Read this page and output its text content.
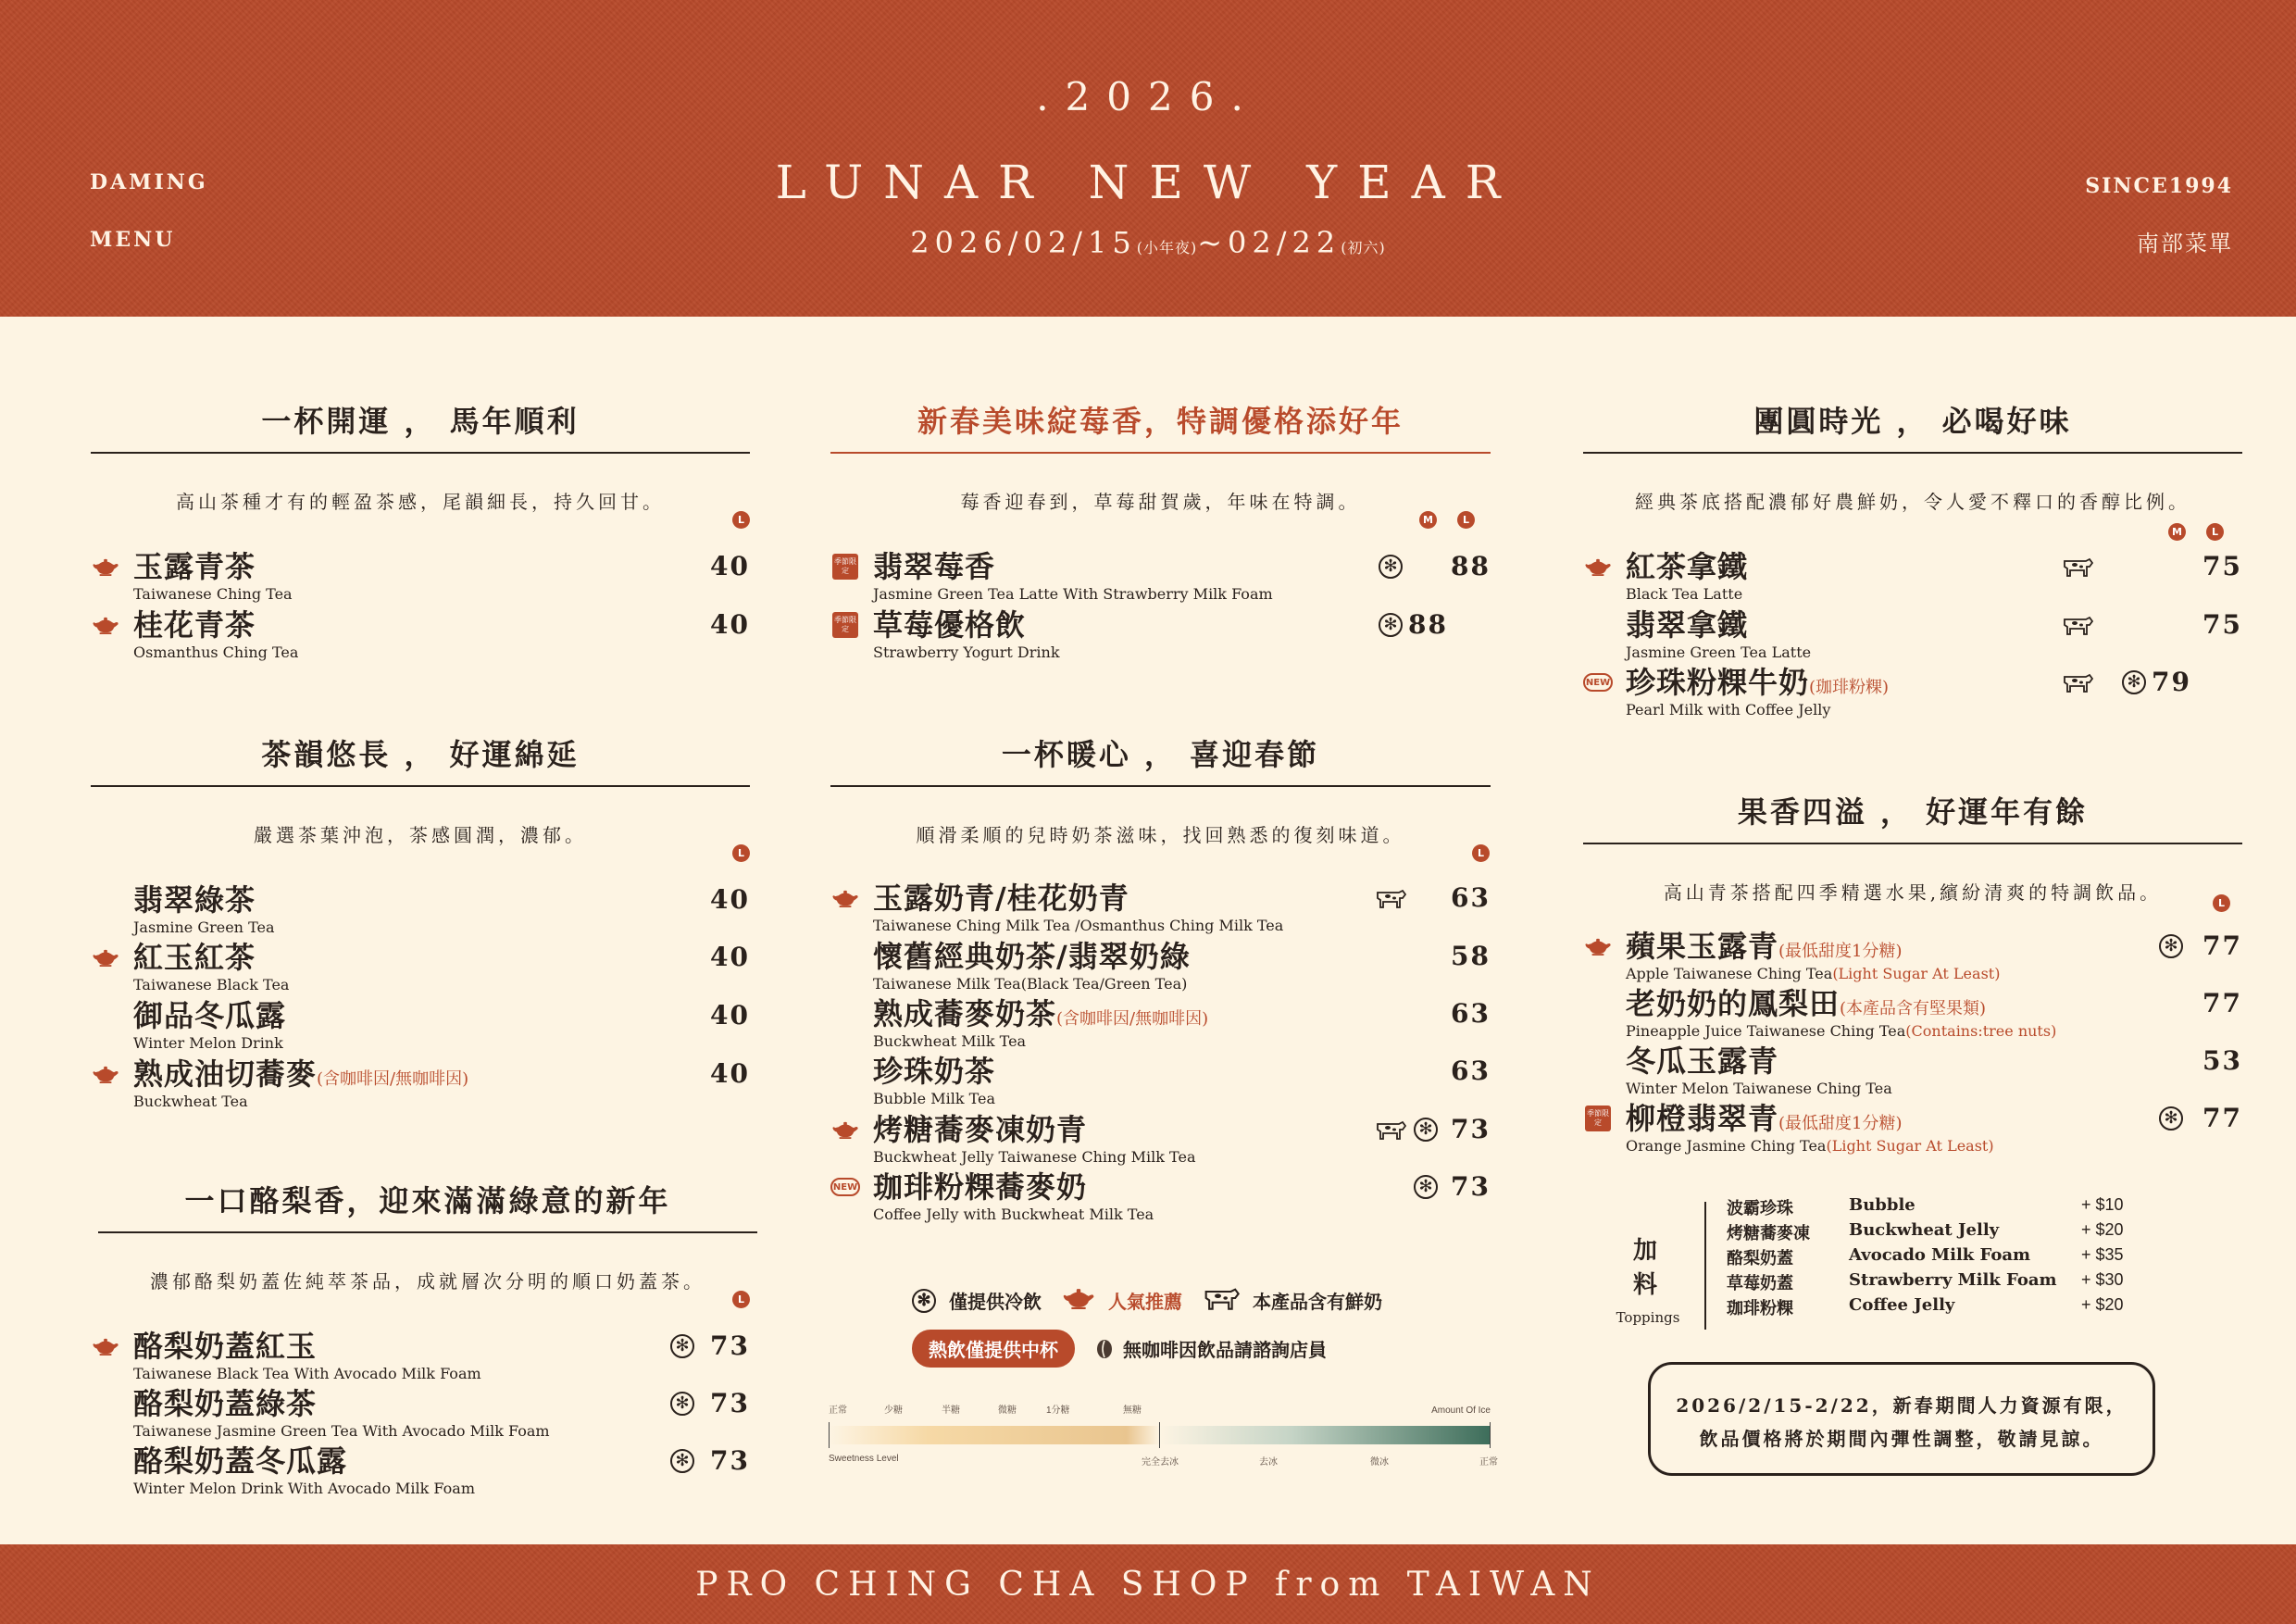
DAMING
MENU
.2026.
LUNAR NEW YEAR
2026/02/15(小年夜)~02/22(初六)
SINCE1994
南部菜單
一杯開運 ， 馬年順利
高山茶種才有的輕盈茶感，尾韻細長，持久回甘。
L
玉露青茶
Taiwanese Ching Tea
40
桂花青茶
Osmanthus Ching Tea
40
茶韻悠長 ， 好運綿延
嚴選茶葉沖泡，茶感圓潤，濃郁。
L
翡翠綠茶
Jasmine Green Tea
40
紅玉紅茶
Taiwanese Black Tea
40
御品冬瓜露
Winter Melon Drink
40
熟成油切蕎麥(含咖啡因/無咖啡因)
Buckwheat Tea
40
一口酪梨香，迎來滿滿綠意的新年
濃郁酪梨奶蓋佐純萃茶品，成就層次分明的順口奶蓋茶。
L
酪梨奶蓋紅玉
Taiwanese Black Tea With Avocado Milk Foam
✻ 73
酪梨奶蓋綠茶
Taiwanese Jasmine Green Tea With Avocado Milk Foam
✻ 73
酪梨奶蓋冬瓜露
Winter Melon Drink With Avocado Milk Foam
✻ 73
新春美味綻莓香，特調優格添好年
莓香迎春到，草莓甜賀歲，年味在特調。
M	L
季節限定 翡翠莓香
Jasmine Green Tea Latte With Strawberry Milk Foam
✻ 88
季節限定 草莓優格飲
Strawberry Yogurt Drink
✻ 88
一杯暖心 ， 喜迎春節
順滑柔順的兒時奶茶滋味，找回熟悉的復刻味道。
L
玉露奶青/桂花奶青
Taiwanese Ching Milk Tea /Osmanthus Ching Milk Tea
63
懷舊經典奶茶/翡翠奶綠
Taiwanese Milk Tea(Black Tea/Green Tea)
58
熟成蕎麥奶茶(含咖啡因/無咖啡因)
Buckwheat Milk Tea
63
珍珠奶茶
Bubble Milk Tea
63
烤糖蕎麥凍奶青
Buckwheat Jelly Taiwanese Ching Milk Tea
✻ 73
NEW 珈琲粉粿蕎麥奶
Coffee Jelly with Buckwheat Milk Tea
✻ 73
✻ 僅提供冷飲	人氣推薦	本產品含有鮮奶
熱飲僅提供中杯	無咖啡因飲品請諮詢店員
正常	少糖	半糖	微糖	1分糖	無糖	Amount Of Ice
Sweetness Level	完全去冰	去冰	微冰	正常
團圓時光 ， 必喝好味
經典茶底搭配濃郁好農鮮奶，令人愛不釋口的香醇比例。
M	L
紅茶拿鐵
Black Tea Latte
75
翡翠拿鐵
Jasmine Green Tea Latte
75
NEW 珍珠粉粿牛奶(珈琲粉粿)
Pearl Milk with Coffee Jelly
✻ 79
果香四溢 ， 好運年有餘
高山青茶搭配四季精選水果,繽紛清爽的特調飲品。	L
蘋果玉露青(最低甜度1分糖)
Apple Taiwanese Ching Tea(Light Sugar At Least)
✻ 77
老奶奶的鳳梨田(本產品含有堅果類)
Pineapple Juice Taiwanese Ching Tea(Contains:tree nuts)
77
冬瓜玉露青
Winter Melon Taiwanese Ching Tea
53
季節限定 柳橙翡翠青(最低甜度1分糖)
Orange Jasmine Ching Tea(Light Sugar At Least)
✻ 77
加 料
Toppings
波霸珍珠	Bubble	+ $10
烤糖蕎麥凍	Buckwheat Jelly	+ $20
酪梨奶蓋	Avocado Milk Foam	+ $35
草莓奶蓋	Strawberry Milk Foam	+ $30
珈琲粉粿	Coffee Jelly	+ $20
2026/2/15-2/22，新春期間人力資源有限，
飲品價格將於期間內彈性調整，敬請見諒。
PRO CHING CHA SHOP from TAIWAN
